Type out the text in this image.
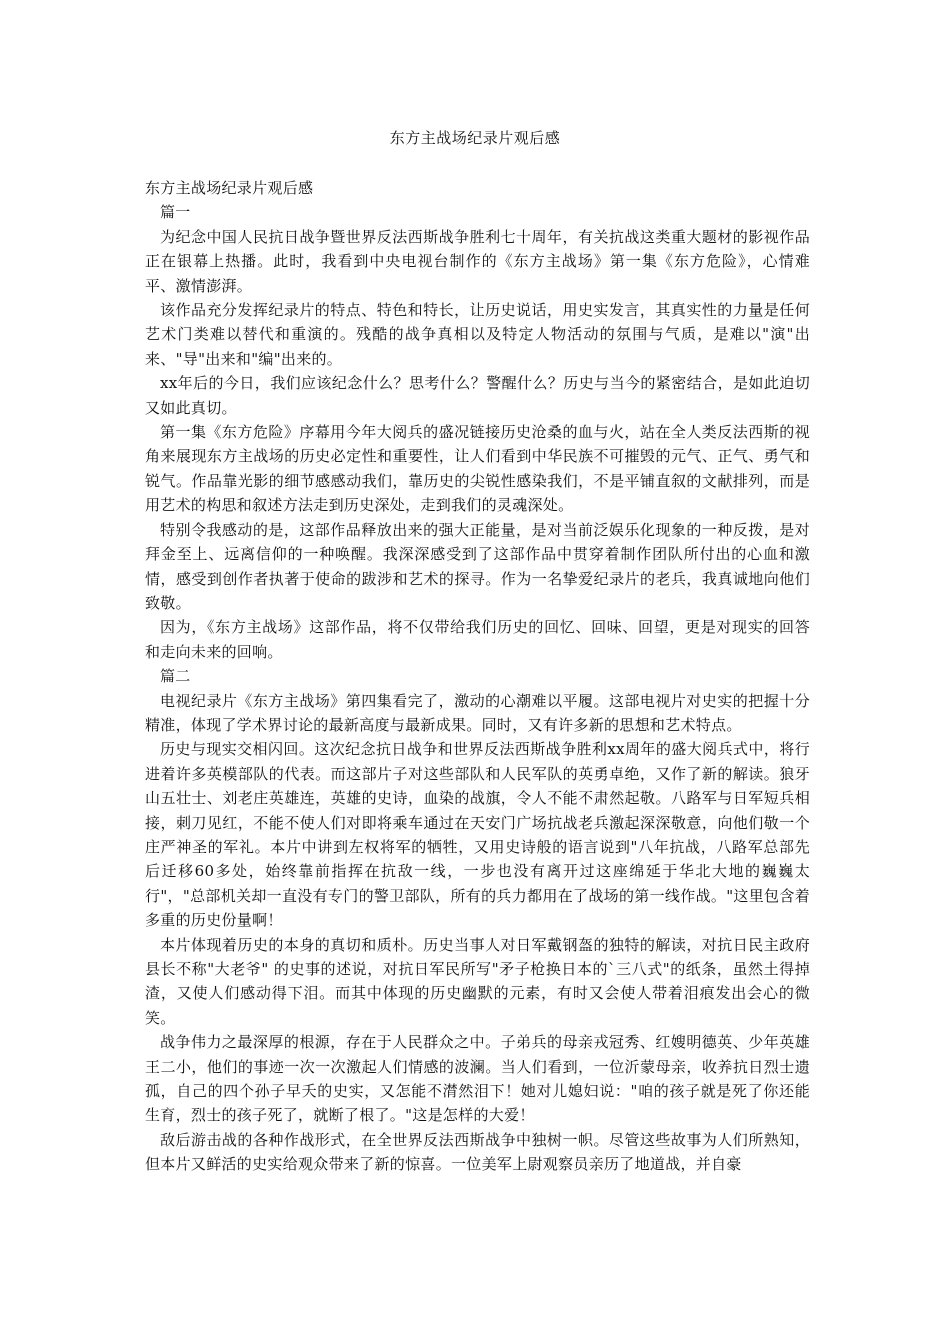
东方主战场纪录片观后感

东方主战场纪录片观后感

篇一

为纪念中国人民抗日战争暨世界反法西斯战争胜利七十周年，有关抗战这类重大题材的影视作品正在银幕上热播。此时，我看到中央电视台制作的《东方主战场》第一集《东方危险》，心情难平、激情澎湃。

该作品充分发挥纪录片的特点、特色和特长，让历史说话，用史实发言，其真实性的力量是任何艺术门类难以替代和重演的。残酷的战争真相以及特定人物活动的氛围与气质，是难以"演"出来、"导"出来和"编"出来的。

xx年后的今日，我们应该纪念什么？思考什么？警醒什么？历史与当今的紧密结合，是如此迫切又如此真切。

第一集《东方危险》序幕用今年大阅兵的盛况链接历史沧桑的血与火，站在全人类反法西斯的视角来展现东方主战场的历史必定性和重要性，让人们看到中华民族不可摧毁的元气、正气、勇气和锐气。作品靠光影的细节感感动我们，靠历史的尖锐性感染我们，不是平铺直叙的文献排列，而是用艺术的构思和叙述方法走到历史深处，走到我们的灵魂深处。

特别令我感动的是，这部作品释放出来的强大正能量，是对当前泛娱乐化现象的一种反拨，是对拜金至上、远离信仰的一种唤醒。我深深感受到了这部作品中贯穿着制作团队所付出的心血和激情，感受到创作者执著于使命的跋涉和艺术的探寻。作为一名挚爱纪录片的老兵，我真诚地向他们致敬。

因为，《东方主战场》这部作品，将不仅带给我们历史的回忆、回味、回望，更是对现实的回答和走向未来的回响。

篇二

电视纪录片《东方主战场》第四集看完了，激动的心潮难以平履。这部电视片对史实的把握十分精准，体现了学术界讨论的最新高度与最新成果。同时，又有许多新的思想和艺术特点。

历史与现实交相闪回。这次纪念抗日战争和世界反法西斯战争胜利xx周年的盛大阅兵式中，将行进着许多英模部队的代表。而这部片子对这些部队和人民军队的英勇卓绝，又作了新的解读。狼牙山五壮士、刘老庄英雄连，英雄的史诗，血染的战旗，令人不能不肃然起敬。八路军与日军短兵相接，刺刀见红，不能不使人们对即将乘车通过在天安门广场抗战老兵激起深深敬意，向他们敬一个庄严神圣的军礼。本片中讲到左权将军的牺牲，又用史诗般的语言说到"八年抗战，八路军总部先后迁移60多处，始终靠前指挥在抗敌一线，一步也没有离开过这座绵延于华北大地的巍巍太行"，"总部机关却一直没有专门的警卫部队，所有的兵力都用在了战场的第一线作战。"这里包含着多重的历史份量啊！

本片体现着历史的本身的真切和质朴。历史当事人对日军戴钢盔的独特的解读，对抗日民主政府县长不称"大老爷" 的史事的述说，对抗日军民所写"矛子枪换日本的`三八式"的纸条，虽然土得掉渣，又使人们感动得下泪。而其中体现的历史幽默的元素，有时又会使人带着泪痕发出会心的微笑。

战争伟力之最深厚的根源，存在于人民群众之中。子弟兵的母亲戎冠秀、红嫂明德英、少年英雄王二小，他们的事迹一次一次激起人们情感的波澜。当人们看到，一位沂蒙母亲，收养抗日烈士遗孤，自己的四个孙子早夭的史实，又怎能不潸然泪下！她对儿媳妇说："咱的孩子就是死了你还能生育，烈士的孩子死了，就断了根了。"这是怎样的大爱！

敌后游击战的各种作战形式，在全世界反法西斯战争中独树一帜。尽管这些故事为人们所熟知，但本片又鲜活的史实给观众带来了新的惊喜。一位美军上尉观察员亲历了地道战，并自豪
